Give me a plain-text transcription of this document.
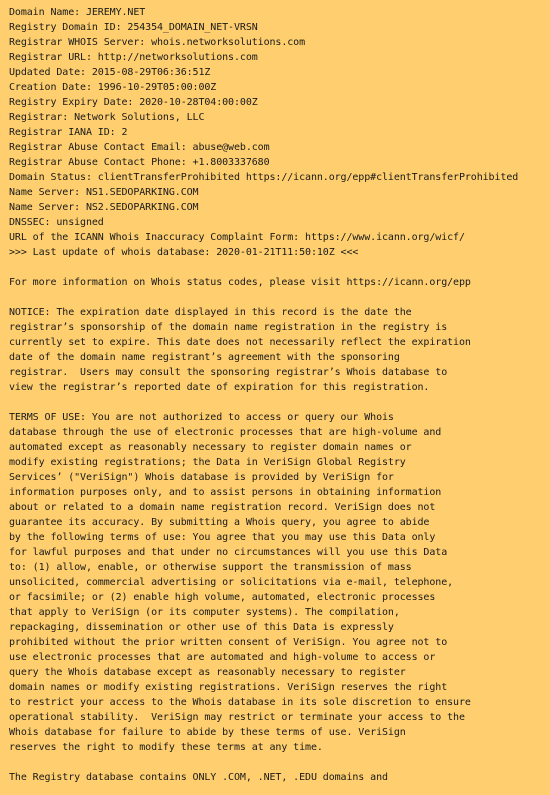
Domain Name: JEREMY.NET
Registry Domain ID: 254354_DOMAIN_NET-VRSN
Registrar WHOIS Server: whois.networksolutions.com
Registrar URL: http://networksolutions.com
Updated Date: 2015-08-29T06:36:51Z
Creation Date: 1996-10-29T05:00:00Z
Registry Expiry Date: 2020-10-28T04:00:00Z
Registrar: Network Solutions, LLC
Registrar IANA ID: 2
Registrar Abuse Contact Email: abuse@web.com
Registrar Abuse Contact Phone: +1.8003337680
Domain Status: clientTransferProhibited https://icann.org/epp#clientTransferProhibited
Name Server: NS1.SEDOPARKING.COM
Name Server: NS2.SEDOPARKING.COM
DNSSEC: unsigned
URL of the ICANN Whois Inaccuracy Complaint Form: https://www.icann.org/wicf/
>>> Last update of whois database: 2020-01-21T11:50:10Z <<<
For more information on Whois status codes, please visit https://icann.org/epp
NOTICE: The expiration date displayed in this record is the date the
registrar’s sponsorship of the domain name registration in the registry is
currently set to expire. This date does not necessarily reflect the expiration
date of the domain name registrant’s agreement with the sponsoring
registrar.  Users may consult the sponsoring registrar’s Whois database to
view the registrar’s reported date of expiration for this registration.
TERMS OF USE: You are not authorized to access or query our Whois
database through the use of electronic processes that are high-volume and
automated except as reasonably necessary to register domain names or
modify existing registrations; the Data in VeriSign Global Registry
Services’ ("VeriSign") Whois database is provided by VeriSign for
information purposes only, and to assist persons in obtaining information
about or related to a domain name registration record. VeriSign does not
guarantee its accuracy. By submitting a Whois query, you agree to abide
by the following terms of use: You agree that you may use this Data only
for lawful purposes and that under no circumstances will you use this Data
to: (1) allow, enable, or otherwise support the transmission of mass
unsolicited, commercial advertising or solicitations via e-mail, telephone,
or facsimile; or (2) enable high volume, automated, electronic processes
that apply to VeriSign (or its computer systems). The compilation,
repackaging, dissemination or other use of this Data is expressly
prohibited without the prior written consent of VeriSign. You agree not to
use electronic processes that are automated and high-volume to access or
query the Whois database except as reasonably necessary to register
domain names or modify existing registrations. VeriSign reserves the right
to restrict your access to the Whois database in its sole discretion to ensure
operational stability.  VeriSign may restrict or terminate your access to the
Whois database for failure to abide by these terms of use. VeriSign
reserves the right to modify these terms at any time.
The Registry database contains ONLY .COM, .NET, .EDU domains and
